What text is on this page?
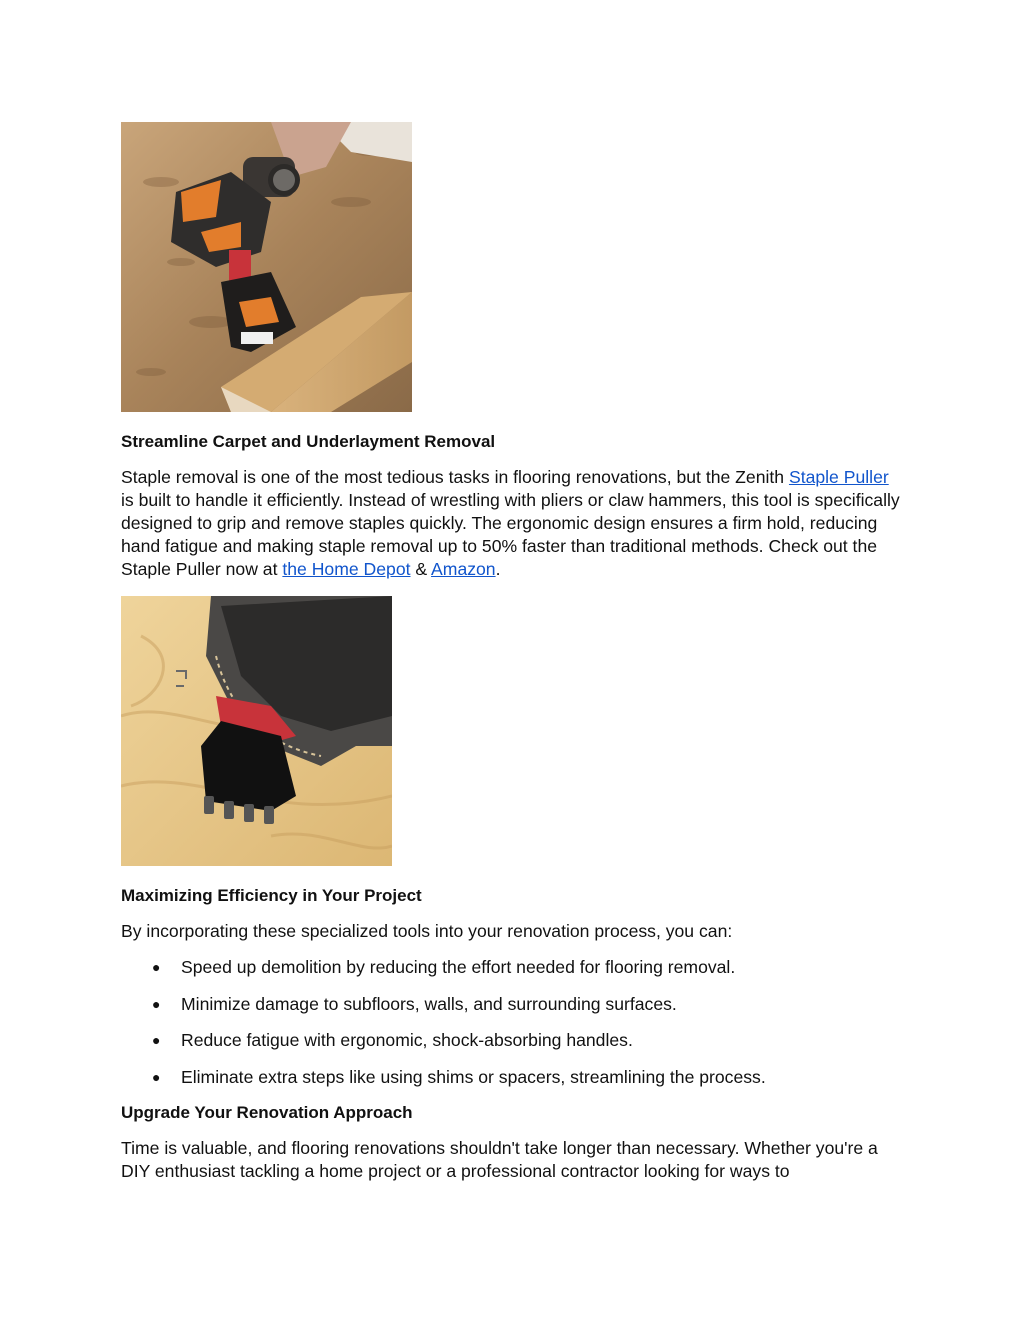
Streamline Carpet and Underlayment Removal

Staple removal is one of the most tedious tasks in flooring renovations, but the Zenith Staple Puller is built to handle it efficiently. Instead of wrestling with pliers or claw hammers, this tool is specifically designed to grip and remove staples quickly. The ergonomic design ensures a firm hold, reducing hand fatigue and making staple removal up to 50% faster than traditional methods. Check out the Staple Puller now at the Home Depot & Amazon.

Maximizing Efficiency in Your Project

By incorporating these specialized tools into your renovation process, you can:

● Speed up demolition by reducing the effort needed for flooring removal.
● Minimize damage to subfloors, walls, and surrounding surfaces.
● Reduce fatigue with ergonomic, shock-absorbing handles.
● Eliminate extra steps like using shims or spacers, streamlining the process.
Upgrade Your Renovation Approach

Time is valuable, and flooring renovations shouldn't take longer than necessary. Whether you're a DIY enthusiast tackling a home project or a professional contractor looking for ways to
